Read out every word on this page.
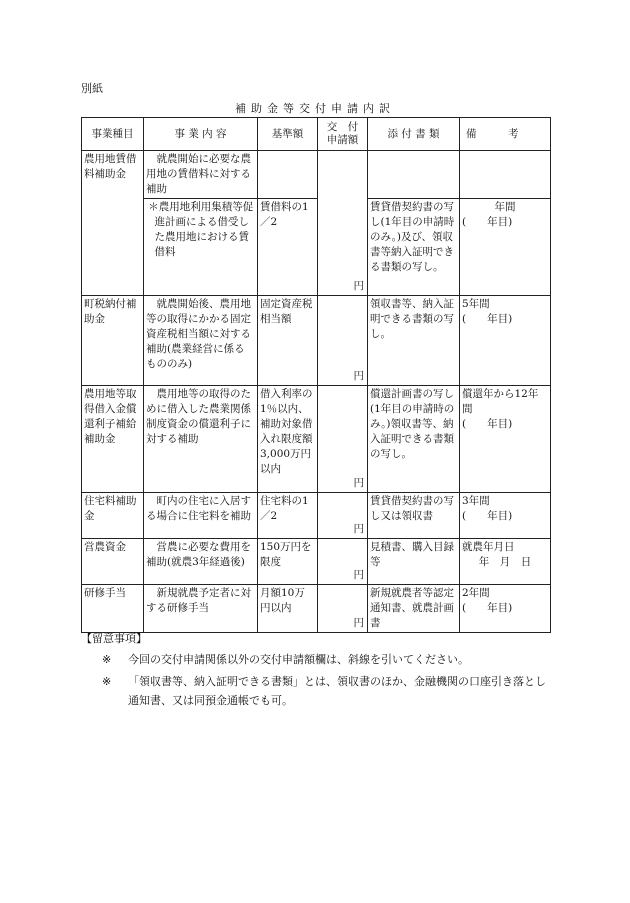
別紙
補助金等交付申請内訳
事業種目	事 業 内 容	基準額	交　付
申請額	添 付 書 類	備　　　考
農用地賃借料補助金	就農開始に必要な農用地の賃借料に対する補助				

	＊農用地利用集積等促進計画による借受した農用地における賃借料	賃借料の1／2	円	賃貸借契約書の写し(1年目の申請時のみ。)及び、領収書等納入証明できる書類の写し。	年間
(　　年目)

町税納付補助金	就農開始後、農用地等の取得にかかる固定資産税相当額に対する補助(農業経営に係るもののみ)	固定資産税相当額	円	領収書等、納入証明できる書類の写し。	5年間
(　　年目)

農用地等取得借入金償還利子補給補助金	農用地等の取得のために借入した農業関係制度資金の償還利子に対する補助	借入利率の1％以内、補助対象借入れ限度額3,000万円以内	円	償還計画書の写し(1年目の申請時のみ。)領収書等、納入証明できる書類の写し。	償還年から12年間
(　　年目)

住宅料補助金	町内の住宅に入居する場合に住宅料を補助	住宅料の1／2	円	賃貸借契約書の写し又は領収書	3年間
(　　年目)

営農資金	営農に必要な費用を補助(就農3年経過後)	150万円を限度	円	見積書、購入目録等	就農年月日
年　月　日

研修手当	新規就農予定者に対する研修手当	月額10万円以内	円	新規就農者等認定通知書、就農計画書	2年間
(　　年目)
【留意事項】
※ 今回の交付申請関係以外の交付申請額欄は、斜線を引いてください。
※ 「領収書等、納入証明できる書類」とは、領収書のほか、金融機関の口座引き落とし通知書、又は同預金通帳でも可。
